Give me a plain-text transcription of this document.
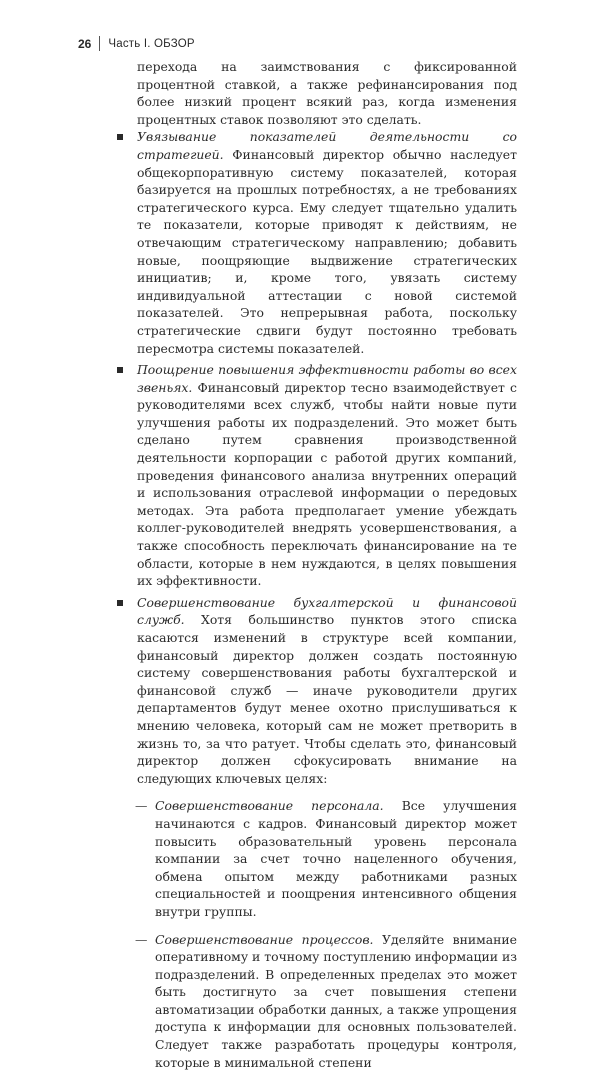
26 Часть I. ОБЗОР

перехода на заимствования с фиксированной процентной ставкой, а также рефинансирования под более низкий процент всякий раз, когда изменения процентных ставок позволяют это сделать.

Увязывание показателей деятельности со стратегией. Финансовый директор обычно наследует общекорпоративную систему показателей, которая базируется на прошлых потребностях, а не требованиях стратегического курса. Ему следует тщательно удалить те показатели, которые приводят к действиям, не отвечающим стратегическому направлению; добавить новые, поощряющие выдвижение стратегических инициатив; и, кроме того, увязать систему индивидуальной аттестации с новой системой показателей. Это непрерывная работа, поскольку стратегические сдвиги будут постоянно требовать пересмотра системы показателей.
Поощрение повышения эффективности работы во всех звеньях. Финансовый директор тесно взаимодействует с руководителями всех служб, чтобы найти новые пути улучшения работы их подразделений. Это может быть сделано путем сравнения производственной деятельности корпорации с работой других компаний, проведения финансового анализа внутренних операций и использования отраслевой информации о передовых методах. Эта работа предполагает умение убеждать коллег-руководителей внедрять усовершенствования, а также способность переключать финансирование на те области, которые в нем нуждаются, в целях повышения их эффективности.
Совершенствование бухгалтерской и финансовой служб. Хотя большинство пунктов этого списка касаются изменений в структуре всей компании, финансовый директор должен создать постоянную систему совершенствования работы бухгалтерской и финансовой служб — иначе руководители других департаментов будут менее охотно прислушиваться к мнению человека, который сам не может претворить в жизнь то, за что ратует. Чтобы сделать это, финансовый директор должен сфокусировать внимание на следующих ключевых целях:
— Совершенствование персонала. Все улучшения начинаются с кадров. Финансовый директор может повысить образовательный уровень персонала компании за счет точно нацеленного обучения, обмена опытом между работниками разных специальностей и поощрения интенсивного общения внутри группы.
— Совершенствование процессов. Уделяйте внимание оперативному и точному поступлению информации из подразделений. В определенных пределах это может быть достигнуто за счет повышения степени автоматизации обработки данных, а также упрощения доступа к информации для основных пользователей. Следует также разработать процедуры контроля, которые в минимальной степени
